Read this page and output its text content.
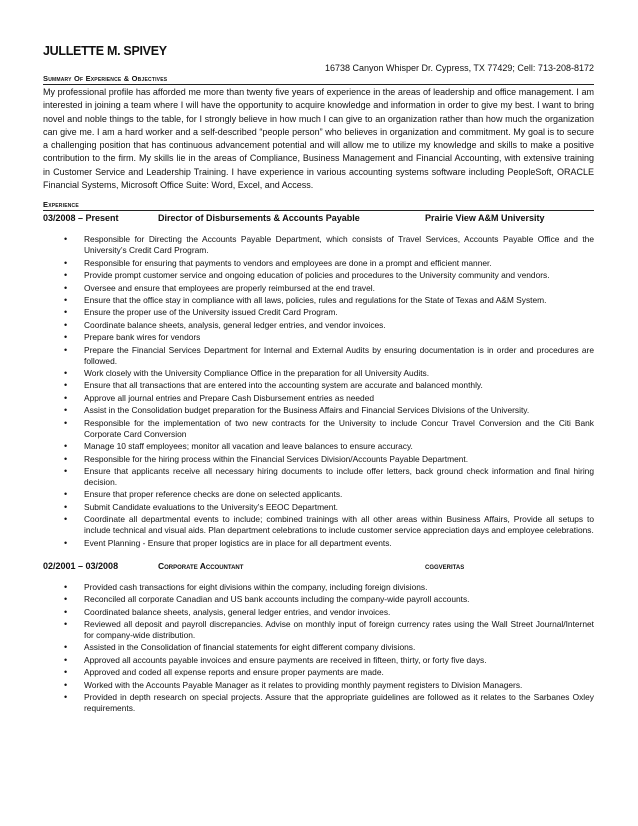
JULLETTE M. SPIVEY
16738 Canyon Whisper Dr. Cypress, TX 77429; Cell: 713-208-8172
Summary Of Experience & Objectives
My professional profile has afforded me more than twenty five years of experience in the areas of leadership and office management. I am interested in joining a team where I will have the opportunity to acquire knowledge and information in order to give my best. I want to bring novel and noble things to the table, for I strongly believe in how much I can give to an organization rather than how much the organization can give me. I am a hard worker and a self-described “people person” who believes in organization and commitment. My goal is to secure a challenging position that has continuous advancement potential and will allow me to utilize my knowledge and skills to make a positive contribution to the firm. My skills lie in the areas of Compliance, Business Management and Financial Accounting, with extensive training in Customer Service and Leadership Training. I have experience in various accounting systems software including PeopleSoft, ORACLE Financial Systems, Microsoft Office Suite: Word, Excel, and Access.
Experience
03/2008 – Present	Director of Disbursements & Accounts Payable	Prairie View A&M University
• Responsible for Directing the Accounts Payable Department, which consists of Travel Services, Accounts Payable Office and the University’s Credit Card Program.
• Responsible for ensuring that payments to vendors and employees are done in a prompt and efficient manner.
• Provide prompt customer service and ongoing education of policies and procedures to the University community and vendors.
• Oversee and ensure that employees are properly reimbursed at the end travel.
• Ensure that the office stay in compliance with all laws, policies, rules and regulations for the State of Texas and A&M System.
• Ensure the proper use of the University issued Credit Card Program.
• Coordinate balance sheets, analysis, general ledger entries, and vendor invoices.
• Prepare bank wires for vendors
• Prepare the Financial Services Department for Internal and External Audits by ensuring documentation is in order and procedures are followed.
• Work closely with the University Compliance Office in the preparation for all University Audits.
• Ensure that all transactions that are entered into the accounting system are accurate and balanced monthly.
• Approve all journal entries and Prepare Cash Disbursement entries as needed
• Assist in the Consolidation budget preparation for the Business Affairs and Financial Services Divisions of the University.
• Responsible for the implementation of two new contracts for the University to include Concur Travel Conversion and the Citi Bank Corporate Card Conversion
• Manage 10 staff employees; monitor all vacation and leave balances to ensure accuracy.
• Responsible for the hiring process within the Financial Services Division/Accounts Payable Department.
• Ensure that applicants receive all necessary hiring documents to include offer letters, back ground check information and final hiring decision.
• Ensure that proper reference checks are done on selected applicants.
• Submit Candidate evaluations to the University’s EEOC Department.
• Coordinate all departmental events to include; combined trainings with all other areas within Business Affairs, Provide all setups to include technical and visual aids. Plan department celebrations to include customer service appreciation days and employee celebrations.
• Event Planning - Ensure that proper logistics are in place for all department events.
02/2001 – 03/2008	Corporate Accountant	cggveritas
• Provided cash transactions for eight divisions within the company, including foreign divisions.
• Reconciled all corporate Canadian and US bank accounts including the company-wide payroll accounts.
• Coordinated balance sheets, analysis, general ledger entries, and vendor invoices.
• Reviewed all deposit and payroll discrepancies. Advise on monthly input of foreign currency rates using the Wall Street Journal/Internet for company-wide distribution.
• Assisted in the Consolidation of financial statements for eight different company divisions.
• Approved all accounts payable invoices and ensure payments are received in fifteen, thirty, or forty five days.
• Approved and coded all expense reports and ensure proper payments are made.
• Worked with the Accounts Payable Manager as it relates to providing monthly payment registers to Division Managers.
• Provided in depth research on special projects. Assure that the appropriate guidelines are followed as it relates to the Sarbanes Oxley requirements.
